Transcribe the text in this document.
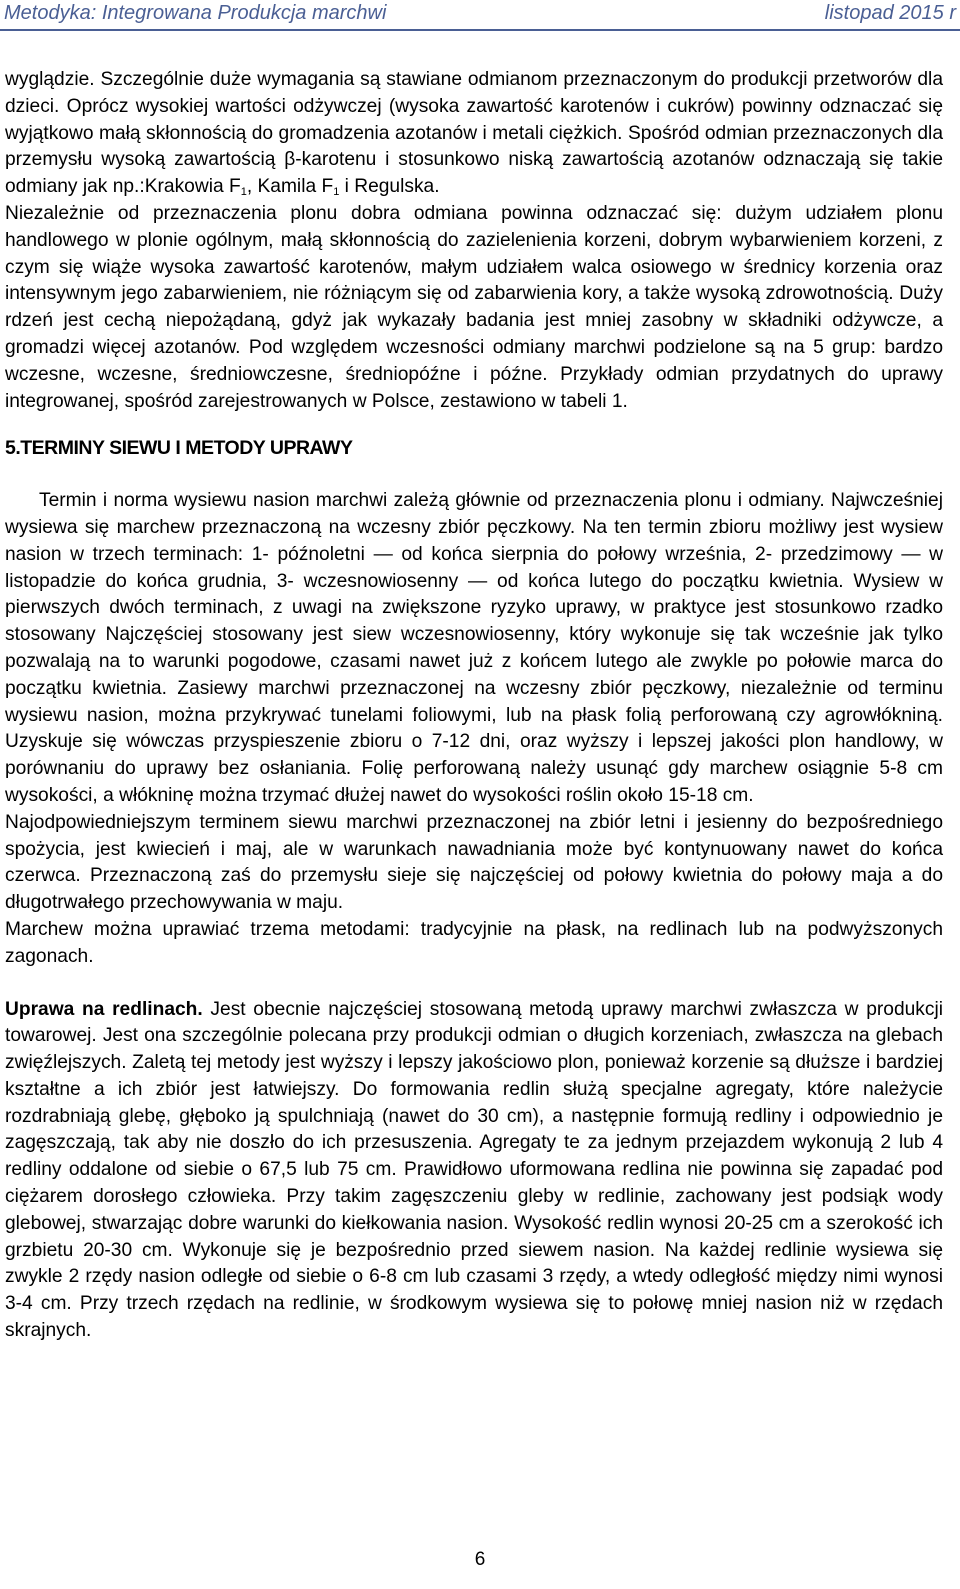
Metodyka: Integrowana Produkcja marchwi	listopad 2015 r

wyglądzie. Szczególnie duże wymagania są stawiane odmianom przeznaczonym do produkcji przetworów dla dzieci. Oprócz wysokiej wartości odżywczej (wysoka zawartość karotenów i cukrów) powinny odznaczać się wyjątkowo małą skłonnością do gromadzenia azotanów i metali ciężkich. Spośród odmian przeznaczonych dla przemysłu wysoką zawartością β-karotenu i stosunkowo niską zawartością azotanów odznaczają się takie odmiany jak np.:Krakowia $F_1$, Kamila $F_1$ i Regulska.

Niezależnie od przeznaczenia plonu dobra odmiana powinna odznaczać się: dużym udziałem plonu handlowego w plonie ogólnym, małą skłonnością do zazielenienia korzeni, dobrym wybarwieniem korzeni, z czym się wiąże wysoka zawartość karotenów, małym udziałem walca osiowego w średnicy korzenia oraz intensywnym jego zabarwieniem, nie różniącym się od zabarwienia kory, a także wysoką zdrowotnością. Duży rdzeń jest cechą niepożądaną, gdyż jak wykazały badania jest mniej zasobny w składniki odżywcze, a gromadzi więcej azotanów. Pod względem wczesności odmiany marchwi podzielone są na 5 grup: bardzo wczesne, wczesne, średniowczesne, średniopóźne i późne. Przykłady odmian przydatnych do uprawy integrowanej, spośród zarejestrowanych w Polsce, zestawiono w tabeli 1.

5.TERMINY SIEWU I METODY UPRAWY

Termin i norma wysiewu nasion marchwi zależą głównie od przeznaczenia plonu i odmiany. Najwcześniej wysiewa się marchew przeznaczoną na wczesny zbiór pęczkowy. Na ten termin zbioru możliwy jest wysiew nasion w trzech terminach: 1- późnoletni — od końca sierpnia do połowy września, 2- przedzimowy — w listopadzie do końca grudnia, 3- wczesnowiosenny — od końca lutego do początku kwietnia. Wysiew w pierwszych dwóch terminach, z uwagi na zwiększone ryzyko uprawy, w praktyce jest stosunkowo rzadko stosowany Najczęściej stosowany jest siew wczesnowiosenny, który wykonuje się tak wcześnie jak tylko pozwalają na to warunki pogodowe, czasami nawet już z końcem lutego ale zwykle po połowie marca do początku kwietnia. Zasiewy marchwi przeznaczonej na wczesny zbiór pęczkowy, niezależnie od terminu wysiewu nasion, można przykrywać tunelami foliowymi, lub na płask folią perforowaną czy agrowłókniną. Uzyskuje się wówczas przyspieszenie zbioru o 7-12 dni, oraz wyższy i lepszej jakości plon handlowy, w porównaniu do uprawy bez osłaniania. Folię perforowaną należy usunąć gdy marchew osiągnie 5-8 cm wysokości, a włókninę można trzymać dłużej nawet do wysokości roślin około 15-18 cm.

Najodpowiedniejszym terminem siewu marchwi przeznaczonej na zbiór letni i jesienny do bezpośredniego spożycia, jest kwiecień i maj, ale w warunkach nawadniania może być kontynuowany nawet do końca czerwca. Przeznaczoną zaś do przemysłu sieje się najczęściej od połowy kwietnia do połowy maja a do długotrwałego przechowywania w maju.

Marchew można uprawiać trzema metodami: tradycyjnie na płask, na redlinach lub na podwyższonych zagonach.

Uprawa na redlinach. Jest obecnie najczęściej stosowaną metodą uprawy marchwi zwłaszcza w produkcji towarowej. Jest ona szczególnie polecana przy produkcji odmian o długich korzeniach, zwłaszcza na glebach zwięźlejszych. Zaletą tej metody jest wyższy i lepszy jakościowo plon, ponieważ korzenie są dłuższe i bardziej kształtne a ich zbiór jest łatwiejszy. Do formowania redlin służą specjalne agregaty, które należycie rozdrabniają glebę, głęboko ją spulchniają (nawet do 30 cm), a następnie formują redliny i odpowiednio je zagęszczają, tak aby nie doszło do ich przesuszenia. Agregaty te za jednym przejazdem wykonują 2 lub 4 redliny oddalone od siebie o 67,5 lub 75 cm. Prawidłowo uformowana redlina nie powinna się zapadać pod ciężarem dorosłego człowieka. Przy takim zagęszczeniu gleby w redlinie, zachowany jest podsiąk wody glebowej, stwarzając dobre warunki do kiełkowania nasion. Wysokość redlin wynosi 20-25 cm a szerokość ich grzbietu 20-30 cm. Wykonuje się je bezpośrednio przed siewem nasion. Na każdej redlinie wysiewa się zwykle 2 rzędy nasion odległe od siebie o 6-8 cm lub czasami 3 rzędy, a wtedy odległość między nimi wynosi 3-4 cm. Przy trzech rzędach na redlinie, w środkowym wysiewa się to połowę mniej nasion niż w rzędach skrajnych.

6
